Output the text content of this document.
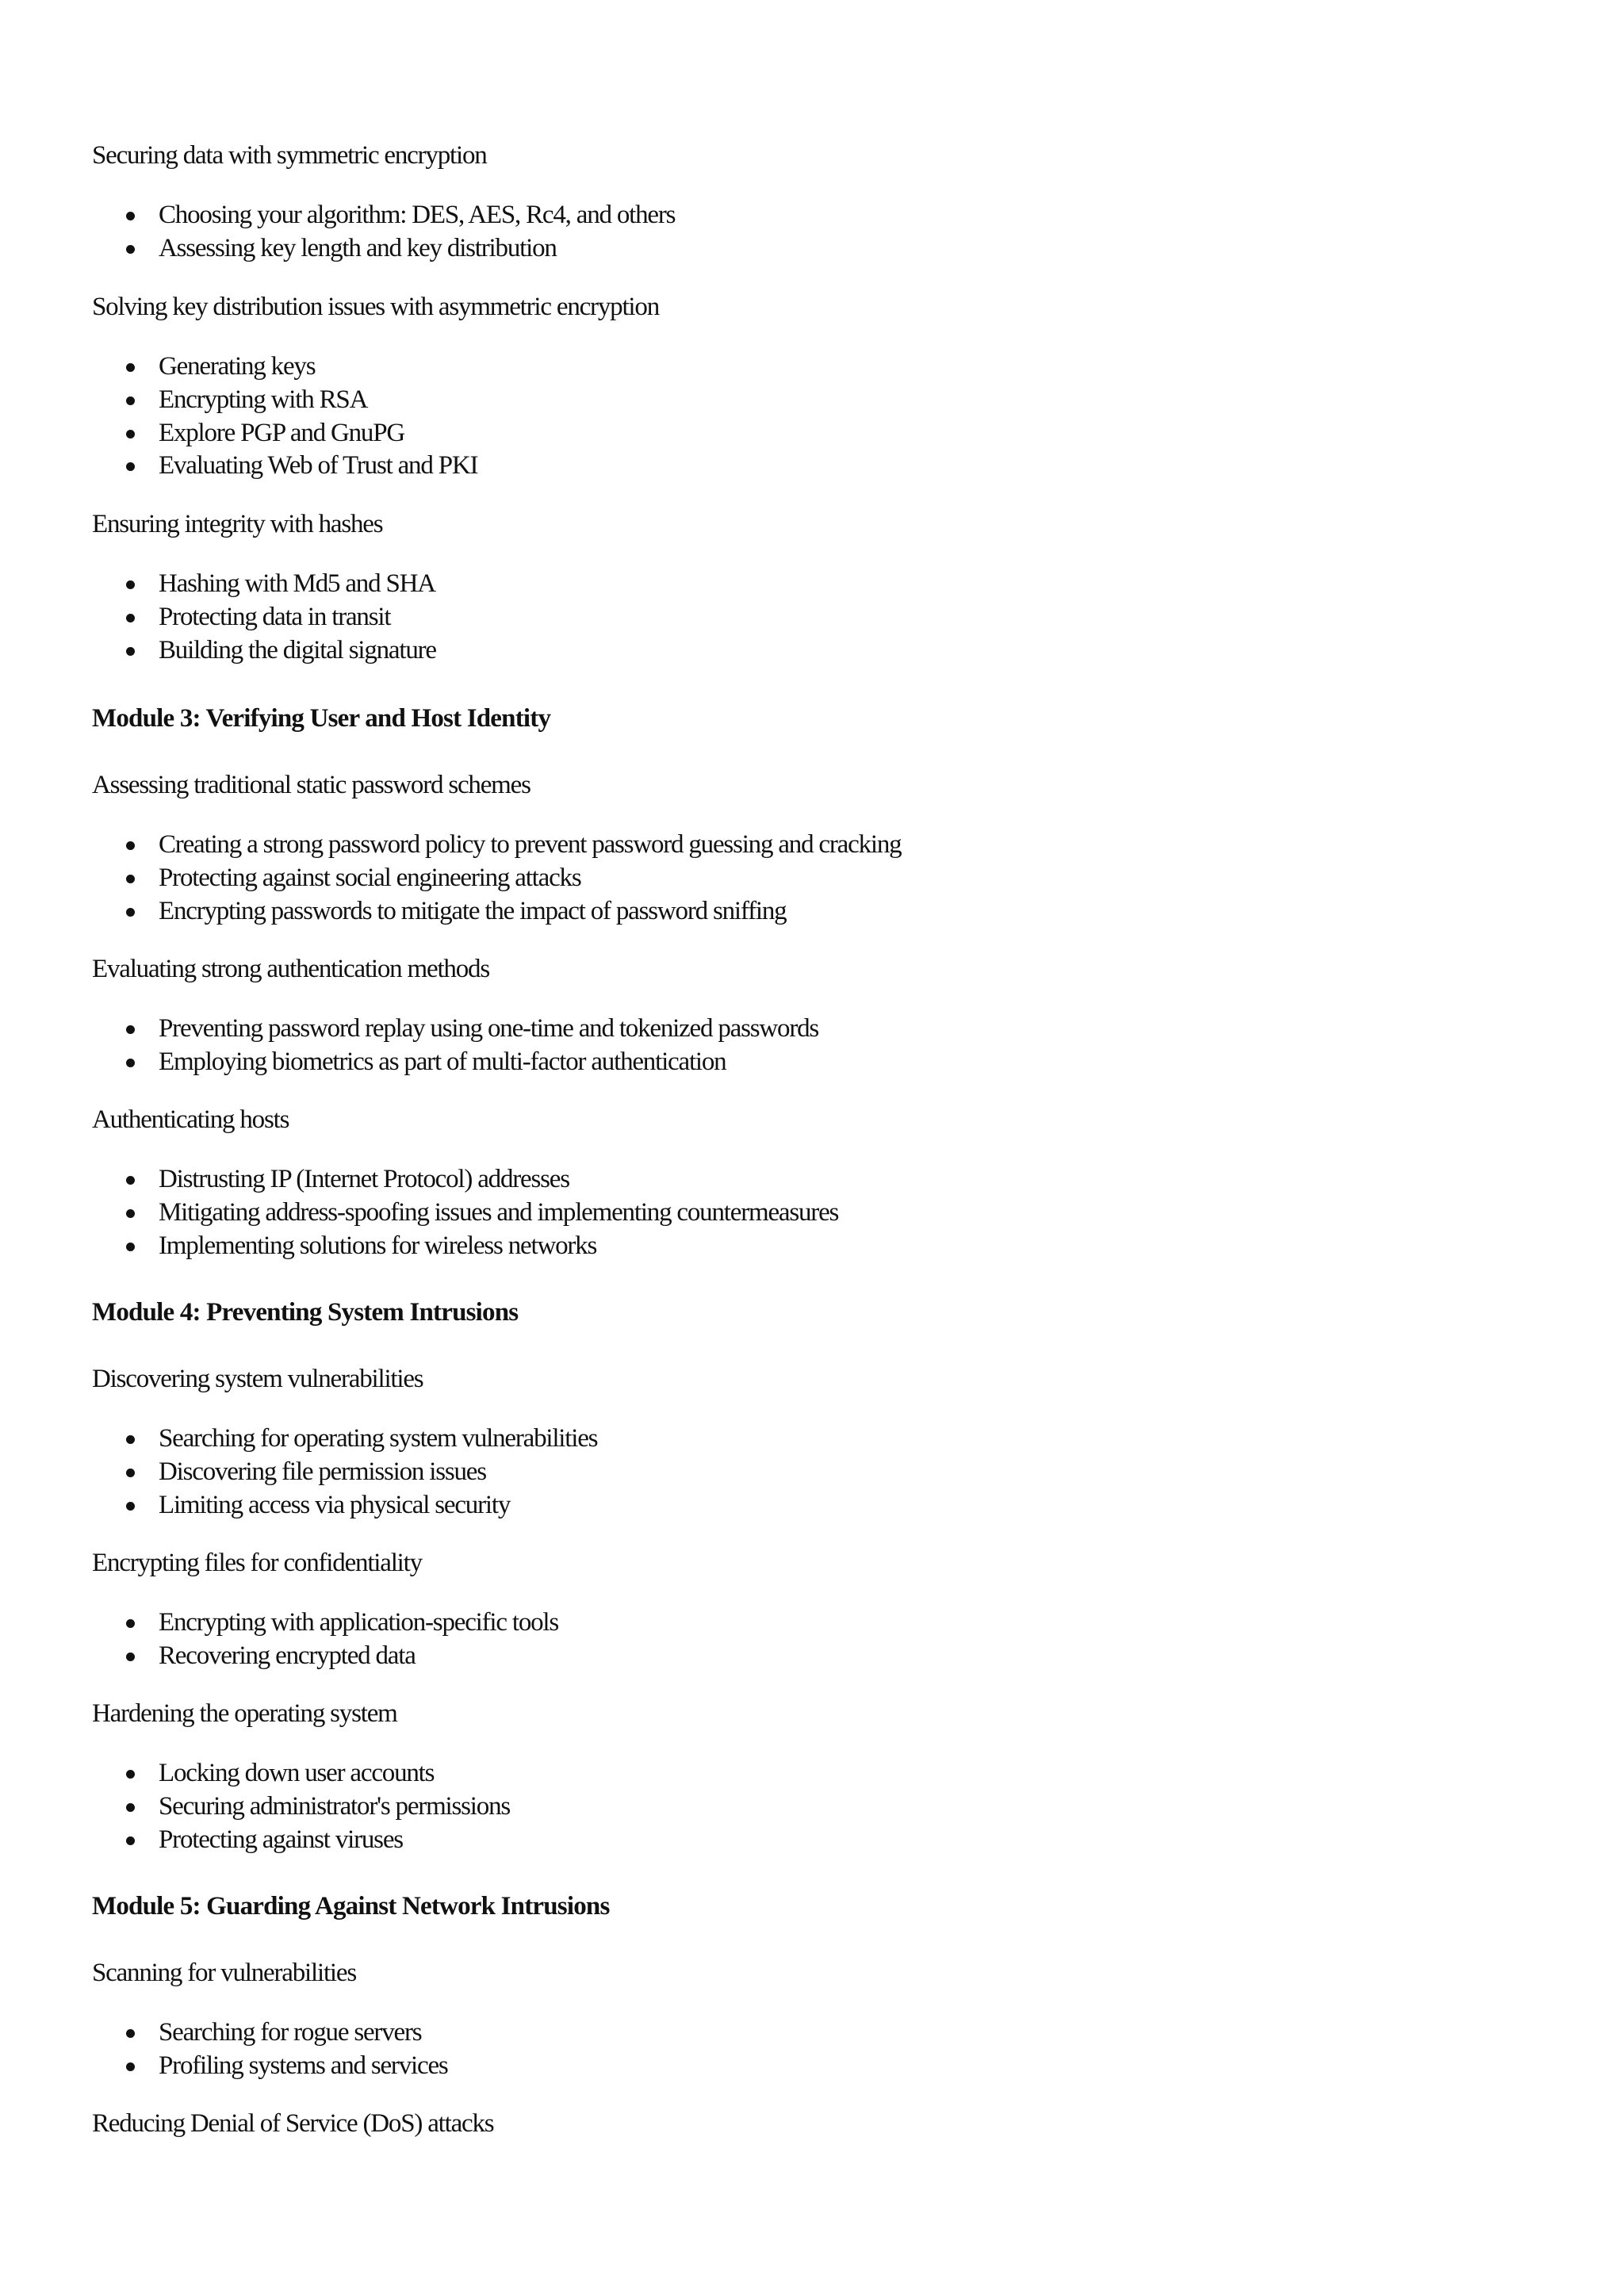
Securing data with symmetric encryption

Choosing your algorithm: DES, AES, Rc4, and others
Assessing key length and key distribution

Solving key distribution issues with asymmetric encryption

Generating keys
Encrypting with RSA
Explore PGP and GnuPG
Evaluating Web of Trust and PKI

Ensuring integrity with hashes

Hashing with Md5 and SHA
Protecting data in transit
Building the digital signature

Module 3: Verifying User and Host Identity

Assessing traditional static password schemes

Creating a strong password policy to prevent password guessing and cracking
Protecting against social engineering attacks
Encrypting passwords to mitigate the impact of password sniffing

Evaluating strong authentication methods

Preventing password replay using one-time and tokenized passwords
Employing biometrics as part of multi-factor authentication

Authenticating hosts

Distrusting IP (Internet Protocol) addresses
Mitigating address-spoofing issues and implementing countermeasures
Implementing solutions for wireless networks

Module 4: Preventing System Intrusions

Discovering system vulnerabilities

Searching for operating system vulnerabilities
Discovering file permission issues
Limiting access via physical security

Encrypting files for confidentiality

Encrypting with application-specific tools
Recovering encrypted data

Hardening the operating system

Locking down user accounts
Securing administrator's permissions
Protecting against viruses

Module 5: Guarding Against Network Intrusions

Scanning for vulnerabilities

Searching for rogue servers
Profiling systems and services

Reducing Denial of Service (DoS) attacks
